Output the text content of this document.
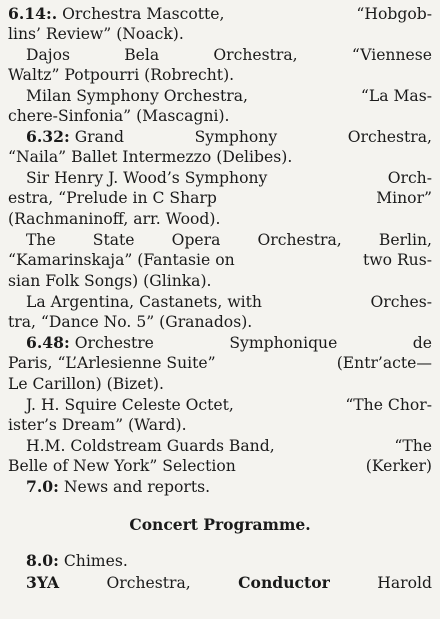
6.14:. Orchestra Mascotte,	“Hobgob-
lins’ Review” (Noack).
Dajos	Bela	Orchestra,	“Viennese
Waltz” Potpourri (Robrecht).
Milan Symphony Orchestra,	“La Mas-
chere-Sinfonia” (Mascagni).
6.32: Grand	Symphony	Orchestra,
“Naila” Ballet Intermezzo (Delibes).
Sir Henry J. Wood’s Symphony	Orch-
estra, “Prelude in C Sharp	Minor”
(Rachmaninoff, arr. Wood).
The State Opera Orchestra, Berlin,
“Kamarinskaja” (Fantasie on	two Rus-
sian Folk Songs) (Glinka).
La Argentina, Castanets, with	Orches-
tra, “Dance No. 5” (Granados).
6.48: Orchestre	Symphonique	de
Paris, “L’Arlesienne Suite”	(Entr’acte—
Le Carillon) (Bizet).
J. H. Squire Celeste Octet,	“The Chor-
ister’s Dream” (Ward).
H.M. Coldstream Guards Band,	“The
Belle of New York” Selection	(Kerker)
7.0: News and reports.
Concert Programme.
8.0: Chimes.
3YA	Orchestra,	Conductor	Harold
